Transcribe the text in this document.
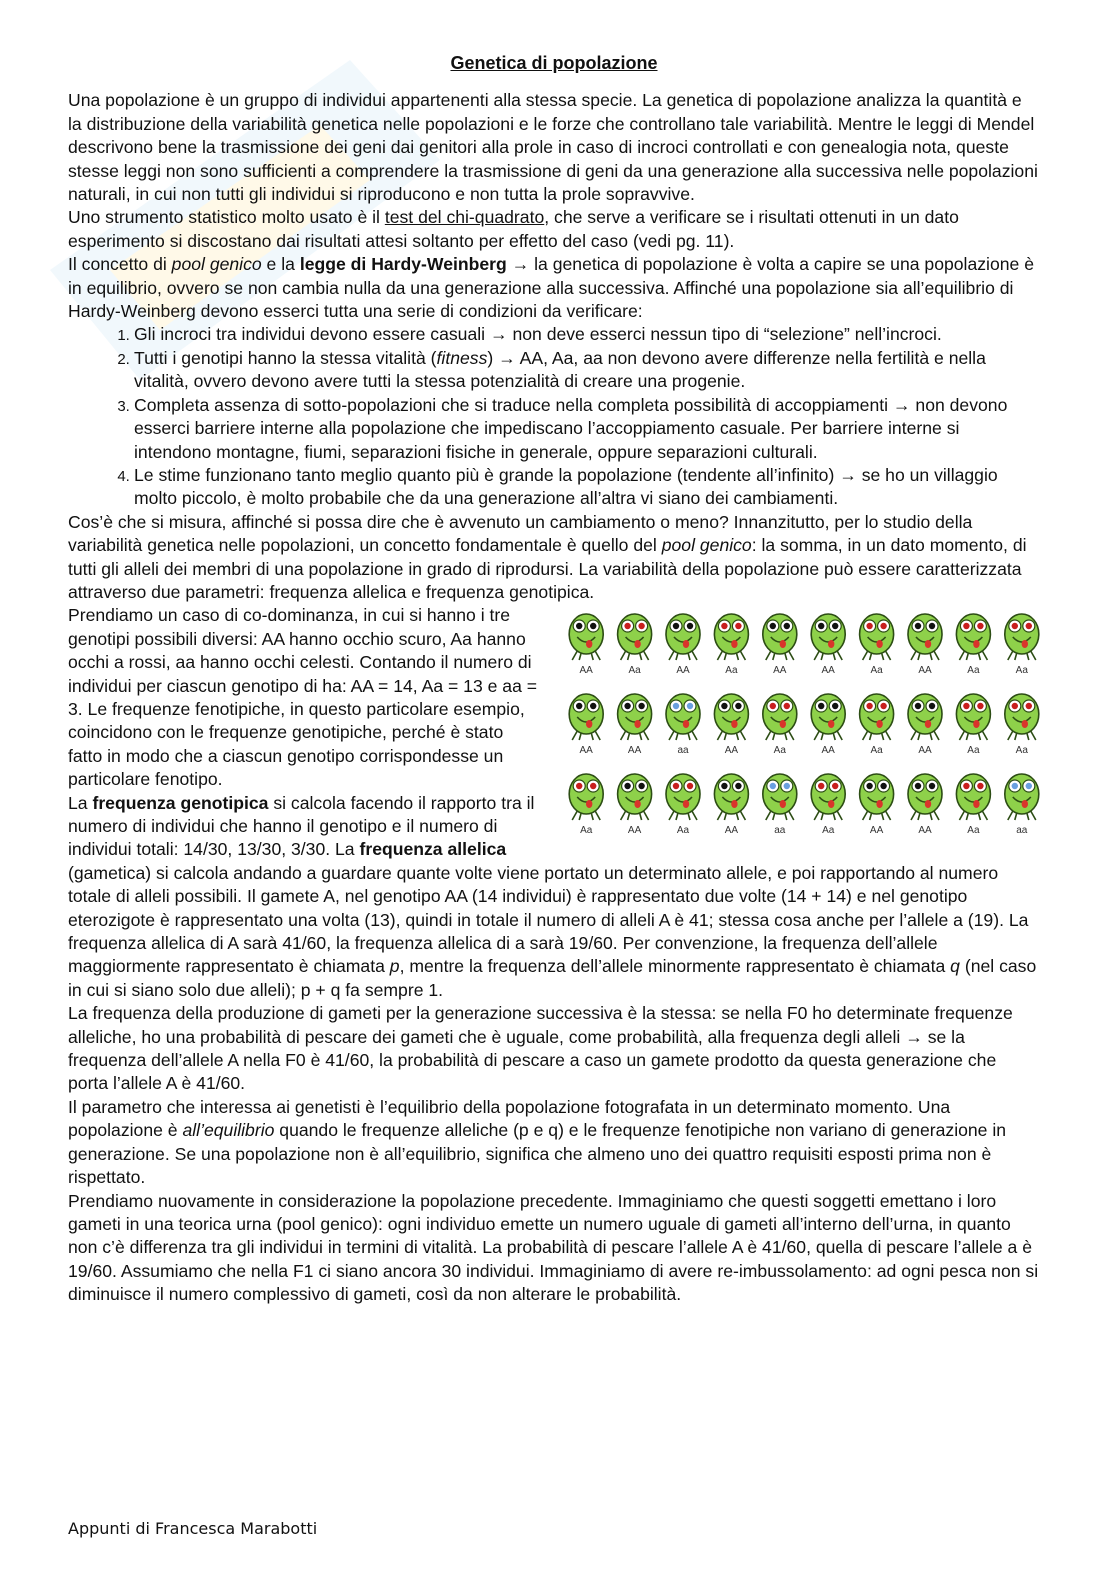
Genetica di popolazione

Una popolazione è un gruppo di individui appartenenti alla stessa specie. La genetica di popolazione analizza la quantità e la distribuzione della variabilità genetica nelle popolazioni e le forze che controllano tale variabilità. Mentre le leggi di Mendel descrivono bene la trasmissione dei geni dai genitori alla prole in caso di incroci controllati e con genealogia nota, queste stesse leggi non sono sufficienti a comprendere la trasmissione di geni da una generazione alla successiva nelle popolazioni naturali, in cui non tutti gli individui si riproducono e non tutta la prole sopravvive.

Uno strumento statistico molto usato è il test del chi-quadrato, che serve a verificare se i risultati ottenuti in un dato esperimento si discostano dai risultati attesi soltanto per effetto del caso (vedi pg. 11).

Il concetto di pool genico e la legge di Hardy-Weinberg → la genetica di popolazione è volta a capire se una popolazione è in equilibrio, ovvero se non cambia nulla da una generazione alla successiva. Affinché una popolazione sia all’equilibrio di Hardy-Weinberg devono esserci tutta una serie di condizioni da verificare:

1. Gli incroci tra individui devono essere casuali → non deve esserci nessun tipo di “selezione” nell’incroci.
2. Tutti i genotipi hanno la stessa vitalità (fitness) → AA, Aa, aa non devono avere differenze nella fertilità e nella vitalità, ovvero devono avere tutti la stessa potenzialità di creare una progenie.
3. Completa assenza di sotto-popolazioni che si traduce nella completa possibilità di accoppiamenti → non devono esserci barriere interne alla popolazione che impediscano l’accoppiamento casuale. Per barriere interne si intendono montagne, fiumi, separazioni fisiche in generale, oppure separazioni culturali.
4. Le stime funzionano tanto meglio quanto più è grande la popolazione (tendente all’infinito) → se ho un villaggio molto piccolo, è molto probabile che da una generazione all’altra vi siano dei cambiamenti.

Cos’è che si misura, affinché si possa dire che è avvenuto un cambiamento o meno? Innanzitutto, per lo studio della variabilità genetica nelle popolazioni, un concetto fondamentale è quello del pool genico: la somma, in un dato momento, di tutti gli alleli dei membri di una popolazione in grado di riprodursi. La variabilità della popolazione può essere caratterizzata attraverso due parametri: frequenza allelica e frequenza genotipica.

AA	Aa	AA	Aa	AA	AA	Aa	AA	Aa	Aa
AA	AA	aa	AA	Aa	AA	Aa	AA	Aa	Aa
Aa	AA	Aa	AA	aa	Aa	AA	AA	Aa	aa

Prendiamo un caso di co-dominanza, in cui si hanno i tre genotipi possibili diversi: AA hanno occhio scuro, Aa hanno occhi a rossi, aa hanno occhi celesti. Contando il numero di individui per ciascun genotipo di ha: AA = 14, Aa = 13 e aa = 3. Le frequenze fenotipiche, in questo particolare esempio, coincidono con le frequenze genotipiche, perché è stato fatto in modo che a ciascun genotipo corrispondesse un particolare fenotipo.

La frequenza genotipica si calcola facendo il rapporto tra il numero di individui che hanno il genotipo e il numero di individui totali: 14/30, 13/30, 3/30. La frequenza allelica (gametica) si calcola andando a guardare quante volte viene portato un determinato allele, e poi rapportando al numero totale di alleli possibili. Il gamete A, nel genotipo AA (14 individui) è rappresentato due volte (14 + 14) e nel genotipo eterozigote è rappresentato una volta (13), quindi in totale il numero di alleli A è 41; stessa cosa anche per l’allele a (19). La frequenza allelica di A sarà 41/60, la frequenza allelica di a sarà 19/60. Per convenzione, la frequenza dell’allele maggiormente rappresentato è chiamata p, mentre la frequenza dell’allele minormente rappresentato è chiamata q (nel caso in cui si siano solo due alleli); p + q fa sempre 1.

La frequenza della produzione di gameti per la generazione successiva è la stessa: se nella F0 ho determinate frequenze alleliche, ho una probabilità di pescare dei gameti che è uguale, come probabilità, alla frequenza degli alleli → se la frequenza dell’allele A nella F0 è 41/60, la probabilità di pescare a caso un gamete prodotto da questa generazione che porta l’allele A è 41/60.

Il parametro che interessa ai genetisti è l’equilibrio della popolazione fotografata in un determinato momento. Una popolazione è all’equilibrio quando le frequenze alleliche (p e q) e le frequenze fenotipiche non variano di generazione in generazione. Se una popolazione non è all’equilibrio, significa che almeno uno dei quattro requisiti esposti prima non è rispettato.

Prendiamo nuovamente in considerazione la popolazione precedente. Immaginiamo che questi soggetti emettano i loro gameti in una teorica urna (pool genico): ogni individuo emette un numero uguale di gameti all’interno dell’urna, in quanto non c’è differenza tra gli individui in termini di vitalità. La probabilità di pescare l’allele A è 41/60, quella di pescare l’allele a è 19/60. Assumiamo che nella F1 ci siano ancora 30 individui. Immaginiamo di avere re-imbussolamento: ad ogni pesca non si diminuisce il numero complessivo di gameti, così da non alterare le probabilità.

Appunti di Francesca Marabotti
